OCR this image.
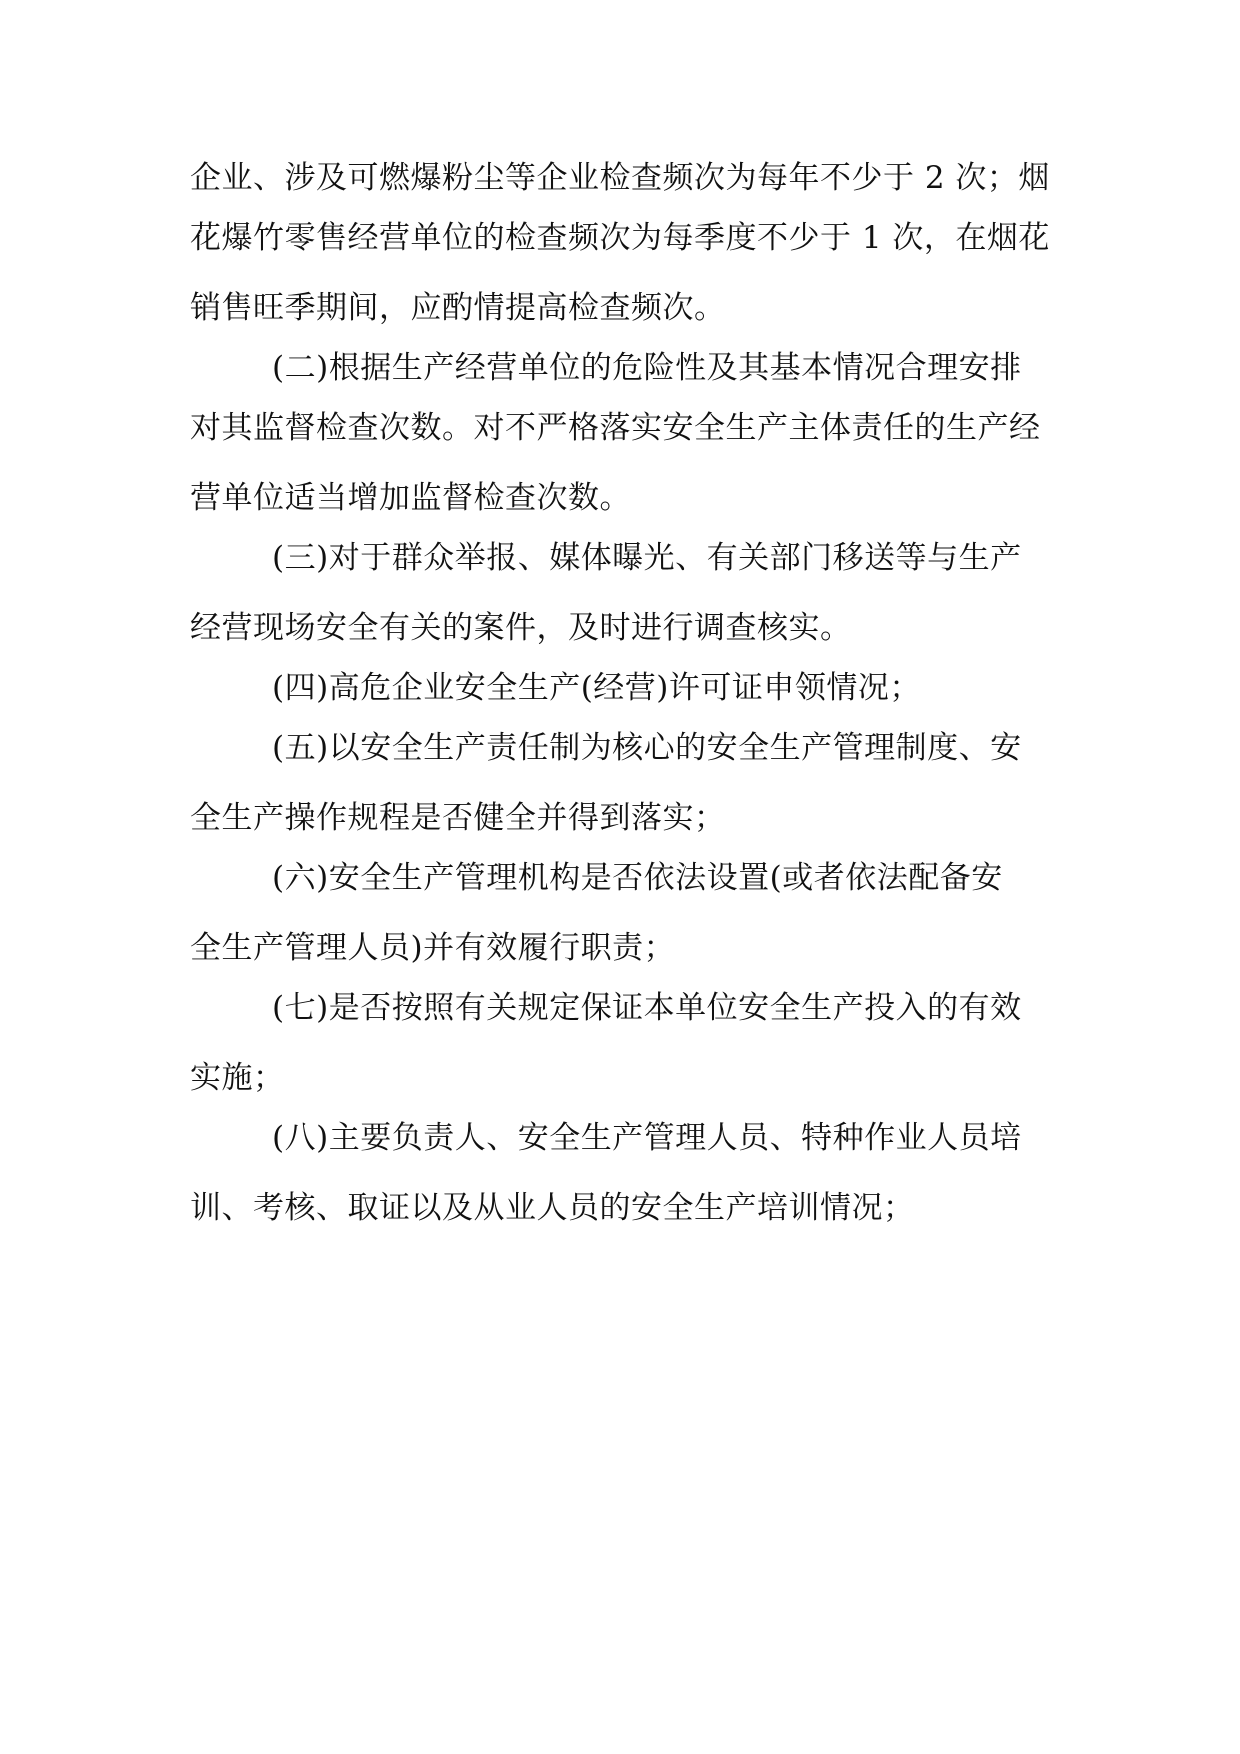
企业、涉及可燃爆粉尘等企业检查频次为每年不少于 2 次；烟
花爆竹零售经营单位的检查频次为每季度不少于 1 次，在烟花
销售旺季期间，应酌情提高检查频次。
(二)根据生产经营单位的危险性及其基本情况合理安排
对其监督检查次数。对不严格落实安全生产主体责任的生产经
营单位适当增加监督检查次数。
(三)对于群众举报、媒体曝光、有关部门移送等与生产
经营现场安全有关的案件，及时进行调查核实。
(四)高危企业安全生产(经营)许可证申领情况；
(五)以安全生产责任制为核心的安全生产管理制度、安
全生产操作规程是否健全并得到落实；
(六)安全生产管理机构是否依法设置(或者依法配备安
全生产管理人员)并有效履行职责；
(七)是否按照有关规定保证本单位安全生产投入的有效
实施；
(八)主要负责人、安全生产管理人员、特种作业人员培
训、考核、取证以及从业人员的安全生产培训情况；
